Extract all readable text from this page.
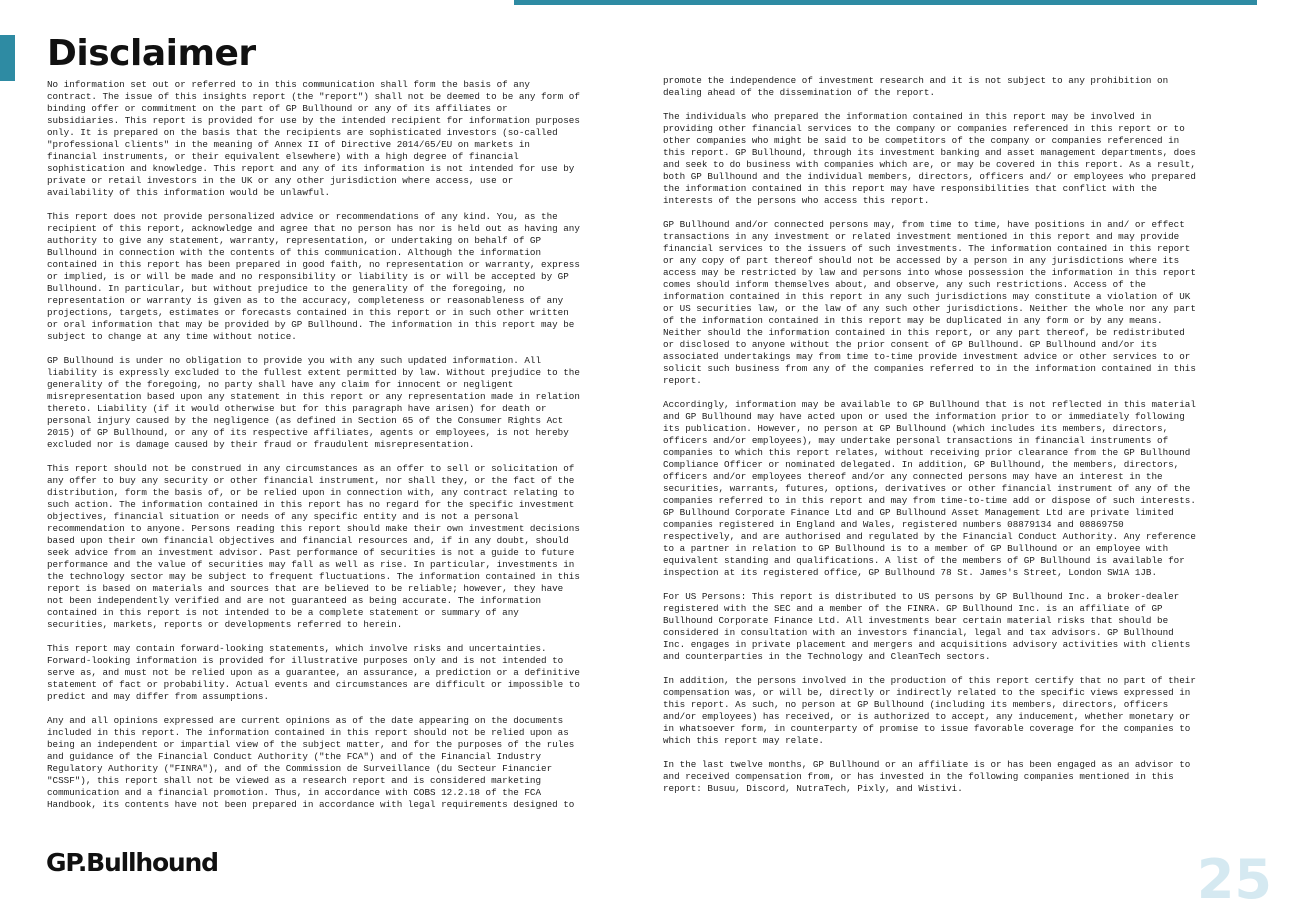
Disclaimer

No information set out or referred to in this communication shall form the basis of any
contract. The issue of this insights report (the "report") shall not be deemed to be any form of
binding offer or commitment on the part of GP Bullhound or any of its affiliates or
subsidiaries. This report is provided for use by the intended recipient for information purposes
only. It is prepared on the basis that the recipients are sophisticated investors (so-called
"professional clients" in the meaning of Annex II of Directive 2014/65/EU on markets in
financial instruments, or their equivalent elsewhere) with a high degree of financial
sophistication and knowledge. This report and any of its information is not intended for use by
private or retail investors in the UK or any other jurisdiction where access, use or
availability of this information would be unlawful.

This report does not provide personalized advice or recommendations of any kind. You, as the
recipient of this report, acknowledge and agree that no person has nor is held out as having any
authority to give any statement, warranty, representation, or undertaking on behalf of GP
Bullhound in connection with the contents of this communication. Although the information
contained in this report has been prepared in good faith, no representation or warranty, express
or implied, is or will be made and no responsibility or liability is or will be accepted by GP
Bullhound. In particular, but without prejudice to the generality of the foregoing, no
representation or warranty is given as to the accuracy, completeness or reasonableness of any
projections, targets, estimates or forecasts contained in this report or in such other written
or oral information that may be provided by GP Bullhound. The information in this report may be
subject to change at any time without notice.

GP Bullhound is under no obligation to provide you with any such updated information. All
liability is expressly excluded to the fullest extent permitted by law. Without prejudice to the
generality of the foregoing, no party shall have any claim for innocent or negligent
misrepresentation based upon any statement in this report or any representation made in relation
thereto. Liability (if it would otherwise but for this paragraph have arisen) for death or
personal injury caused by the negligence (as defined in Section 65 of the Consumer Rights Act
2015) of GP Bullhound, or any of its respective affiliates, agents or employees, is not hereby
excluded nor is damage caused by their fraud or fraudulent misrepresentation.

This report should not be construed in any circumstances as an offer to sell or solicitation of
any offer to buy any security or other financial instrument, nor shall they, or the fact of the
distribution, form the basis of, or be relied upon in connection with, any contract relating to
such action. The information contained in this report has no regard for the specific investment
objectives, financial situation or needs of any specific entity and is not a personal
recommendation to anyone. Persons reading this report should make their own investment decisions
based upon their own financial objectives and financial resources and, if in any doubt, should
seek advice from an investment advisor. Past performance of securities is not a guide to future
performance and the value of securities may fall as well as rise. In particular, investments in
the technology sector may be subject to frequent fluctuations. The information contained in this
report is based on materials and sources that are believed to be reliable; however, they have
not been independently verified and are not guaranteed as being accurate. The information
contained in this report is not intended to be a complete statement or summary of any
securities, markets, reports or developments referred to herein.

This report may contain forward-looking statements, which involve risks and uncertainties.
Forward-looking information is provided for illustrative purposes only and is not intended to
serve as, and must not be relied upon as a guarantee, an assurance, a prediction or a definitive
statement of fact or probability. Actual events and circumstances are difficult or impossible to
predict and may differ from assumptions.

Any and all opinions expressed are current opinions as of the date appearing on the documents
included in this report. The information contained in this report should not be relied upon as
being an independent or impartial view of the subject matter, and for the purposes of the rules
and guidance of the Financial Conduct Authority ("the FCA") and of the Financial Industry
Regulatory Authority ("FINRA"), and of the Commission de Surveillance (du Secteur Financier
"CSSF"), this report shall not be viewed as a research report and is considered marketing
communication and a financial promotion. Thus, in accordance with COBS 12.2.18 of the FCA
Handbook, its contents have not been prepared in accordance with legal requirements designed to

promote the independence of investment research and it is not subject to any prohibition on
dealing ahead of the dissemination of the report.

The individuals who prepared the information contained in this report may be involved in
providing other financial services to the company or companies referenced in this report or to
other companies who might be said to be competitors of the company or companies referenced in
this report. GP Bullhound, through its investment banking and asset management departments, does
and seek to do business with companies which are, or may be covered in this report. As a result,
both GP Bullhound and the individual members, directors, officers and/ or employees who prepared
the information contained in this report may have responsibilities that conflict with the
interests of the persons who access this report.

GP Bullhound and/or connected persons may, from time to time, have positions in and/ or effect
transactions in any investment or related investment mentioned in this report and may provide
financial services to the issuers of such investments. The information contained in this report
or any copy of part thereof should not be accessed by a person in any jurisdictions where its
access may be restricted by law and persons into whose possession the information in this report
comes should inform themselves about, and observe, any such restrictions. Access of the
information contained in this report in any such jurisdictions may constitute a violation of UK
or US securities law, or the law of any such other jurisdictions. Neither the whole nor any part
of the information contained in this report may be duplicated in any form or by any means.
Neither should the information contained in this report, or any part thereof, be redistributed
or disclosed to anyone without the prior consent of GP Bullhound. GP Bullhound and/or its
associated undertakings may from time to-time provide investment advice or other services to or
solicit such business from any of the companies referred to in the information contained in this
report.

Accordingly, information may be available to GP Bullhound that is not reflected in this material
and GP Bullhound may have acted upon or used the information prior to or immediately following
its publication. However, no person at GP Bullhound (which includes its members, directors,
officers and/or employees), may undertake personal transactions in financial instruments of
companies to which this report relates, without receiving prior clearance from the GP Bullhound
Compliance Officer or nominated delegated. In addition, GP Bullhound, the members, directors,
officers and/or employees thereof and/or any connected persons may have an interest in the
securities, warrants, futures, options, derivatives or other financial instrument of any of the
companies referred to in this report and may from time-to-time add or dispose of such interests.
GP Bullhound Corporate Finance Ltd and GP Bullhound Asset Management Ltd are private limited
companies registered in England and Wales, registered numbers 08879134 and 08869750
respectively, and are authorised and regulated by the Financial Conduct Authority. Any reference
to a partner in relation to GP Bullhound is to a member of GP Bullhound or an employee with
equivalent standing and qualifications. A list of the members of GP Bullhound is available for
inspection at its registered office, GP Bullhound 78 St. James's Street, London SW1A 1JB.

For US Persons: This report is distributed to US persons by GP Bullhound Inc. a broker-dealer
registered with the SEC and a member of the FINRA. GP Bullhound Inc. is an affiliate of GP
Bullhound Corporate Finance Ltd. All investments bear certain material risks that should be
considered in consultation with an investors financial, legal and tax advisors. GP Bullhound
Inc. engages in private placement and mergers and acquisitions advisory activities with clients
and counterparties in the Technology and CleanTech sectors.

In addition, the persons involved in the production of this report certify that no part of their
compensation was, or will be, directly or indirectly related to the specific views expressed in
this report. As such, no person at GP Bullhound (including its members, directors, officers
and/or employees) has received, or is authorized to accept, any inducement, whether monetary or
in whatsoever form, in counterparty of promise to issue favorable coverage for the companies to
which this report may relate.

In the last twelve months, GP Bullhound or an affiliate is or has been engaged as an advisor to
and received compensation from, or has invested in the following companies mentioned in this
report: Busuu, Discord, NutraTech, Pixly, and Wistivi.

GP.Bullhound	25
